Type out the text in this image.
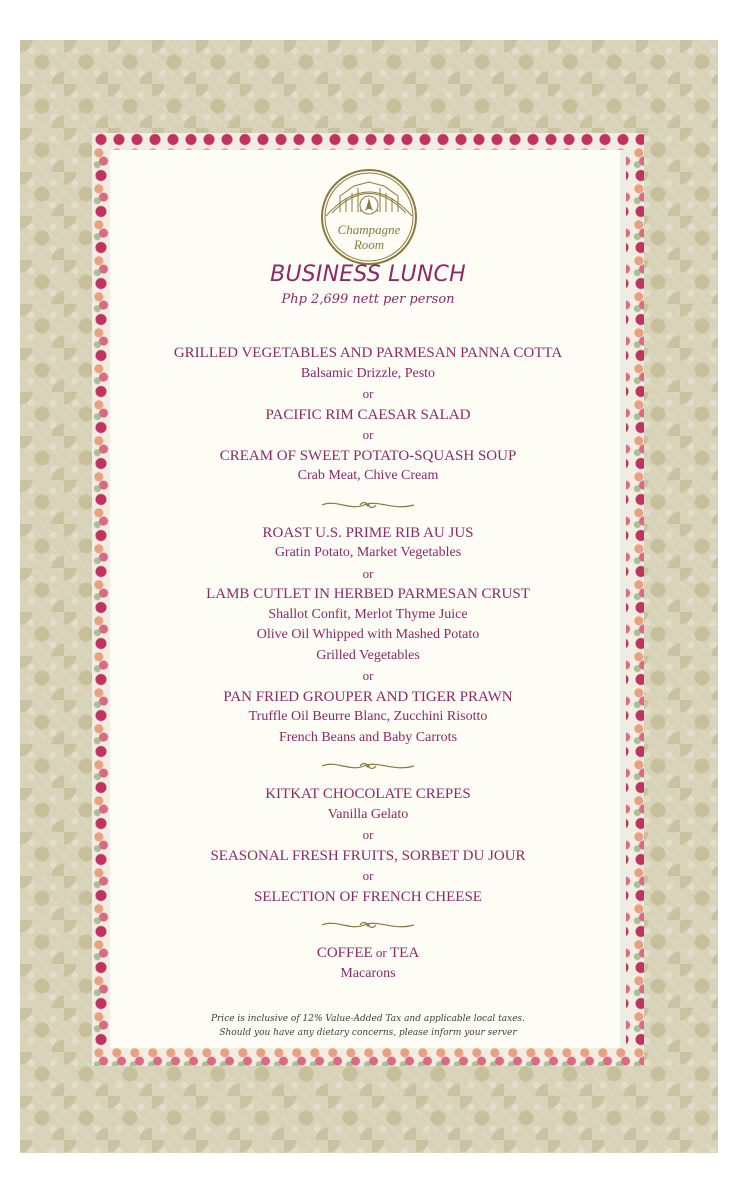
Champagne
Room
BUSINESS LUNCH
Php 2,699 nett per person
GRILLED VEGETABLES AND PARMESAN PANNA COTTA
Balsamic Drizzle, Pesto
or
PACIFIC RIM CAESAR SALAD
or
CREAM OF SWEET POTATO-SQUASH SOUP
Crab Meat, Chive Cream
ROAST U.S. PRIME RIB AU JUS
Gratin Potato, Market Vegetables
or
LAMB CUTLET IN HERBED PARMESAN CRUST
Shallot Confit, Merlot Thyme Juice
Olive Oil Whipped with Mashed Potato
Grilled Vegetables
or
PAN FRIED GROUPER AND TIGER PRAWN
Truffle Oil Beurre Blanc, Zucchini Risotto
French Beans and Baby Carrots
KITKAT CHOCOLATE CREPES
Vanilla Gelato
or
SEASONAL FRESH FRUITS, SORBET DU JOUR
or
SELECTION OF FRENCH CHEESE
COFFEE or TEA
Macarons
Price is inclusive of 12% Value-Added Tax and applicable local taxes.
Should you have any dietary concerns, please inform your server
